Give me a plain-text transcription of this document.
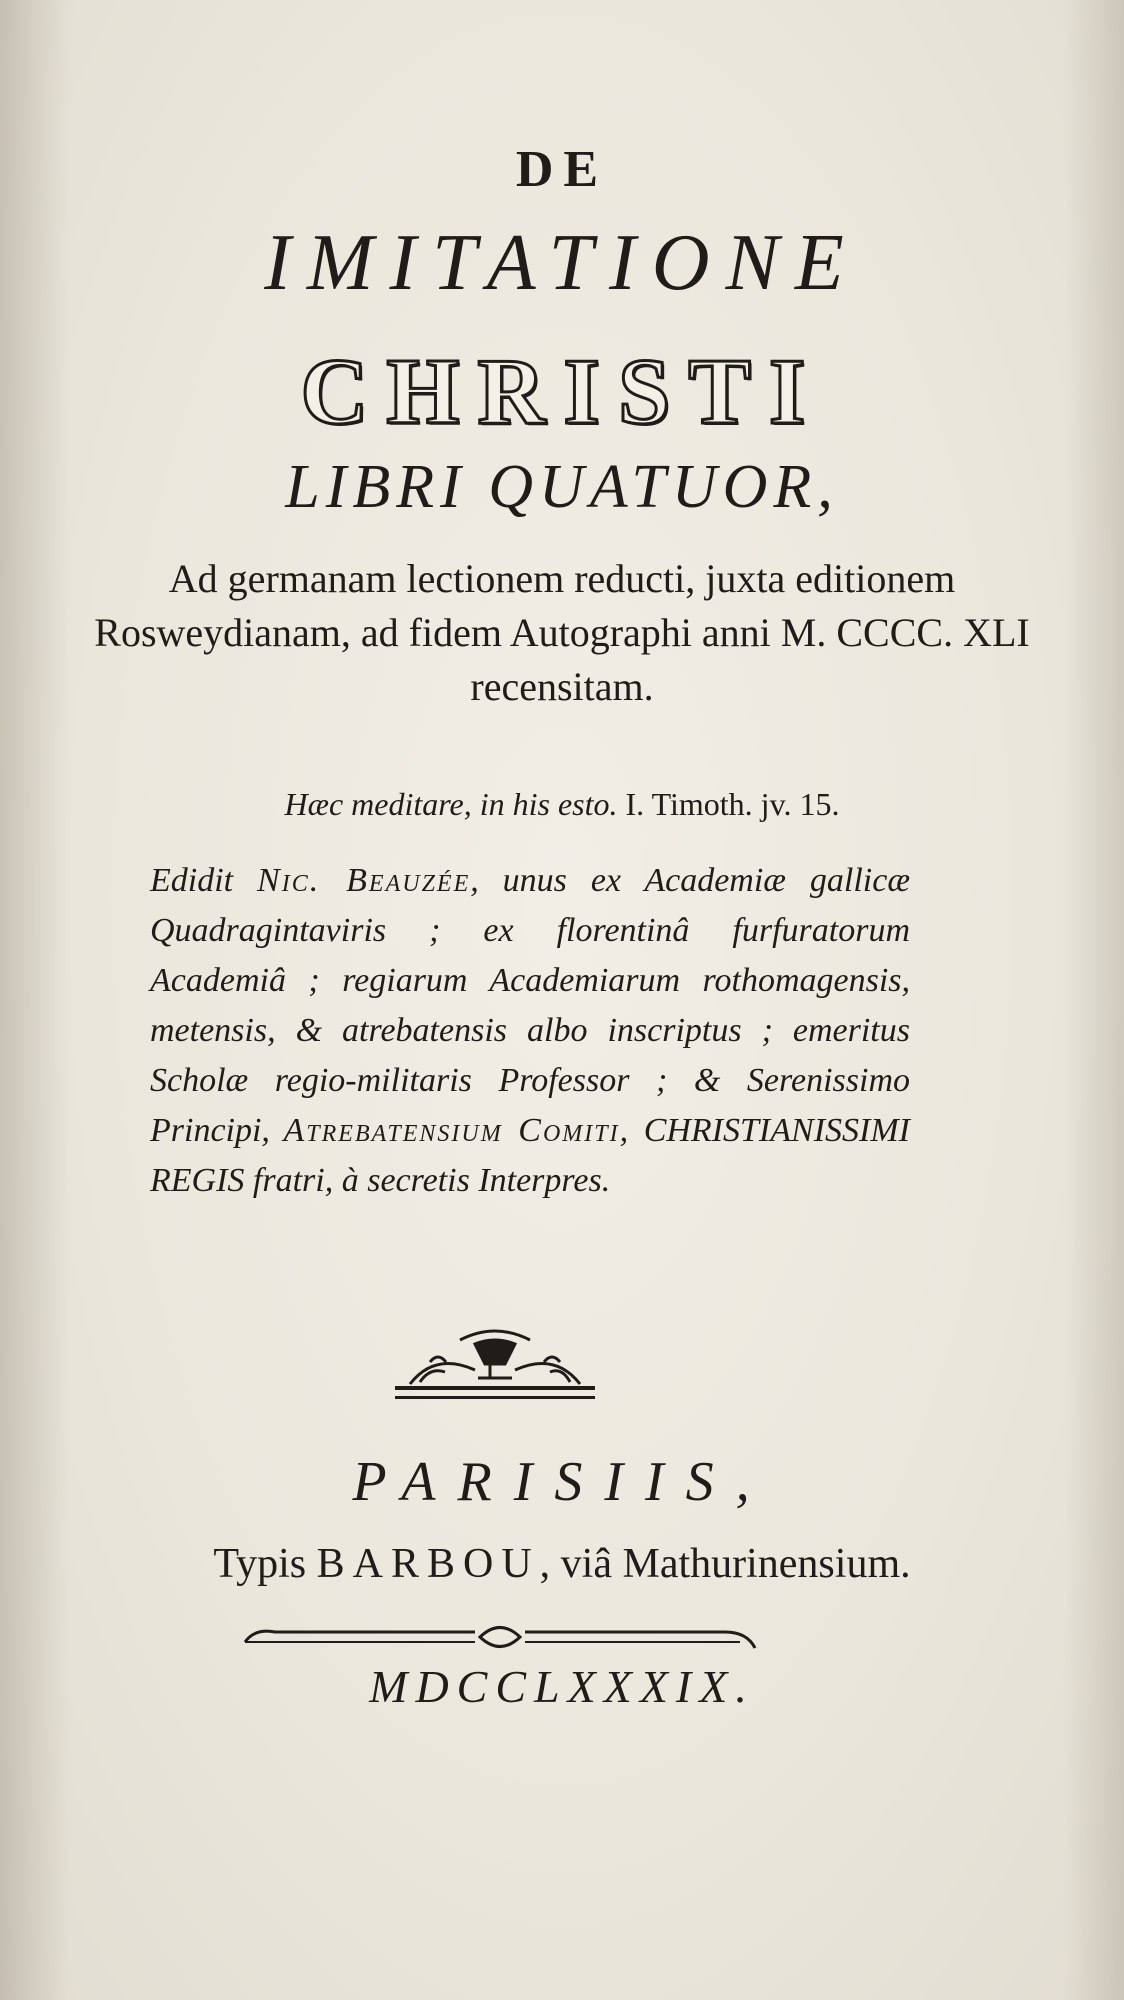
DE
IMITATIONE
CHRISTI
LIBRI QUATUOR,
Ad germanam lectionem reducti, juxta editionem Rosweydianam, ad fidem Autographi anni M. CCCC. XLI recensitam.
Hæc meditare, in his esto. I. Timoth. jv. 15.
Edidit Nic. Beauzée, unus ex Academiæ gallicæ Quadragintaviris ; ex florentinâ furfuratorum Academiâ ; regiarum Academiarum rothomagensis, metensis, & atrebatensis albo inscriptus ; emeritus Scholæ regio-militaris Professor ; & Serenissimo Principi, Atrebatensium Comiti, CHRISTIANISSIMI REGIS fratri, à secretis Interpres.
PARISIIS,
Typis BARBOU, viâ Mathurinensium.
MDCCLXXXIX.
